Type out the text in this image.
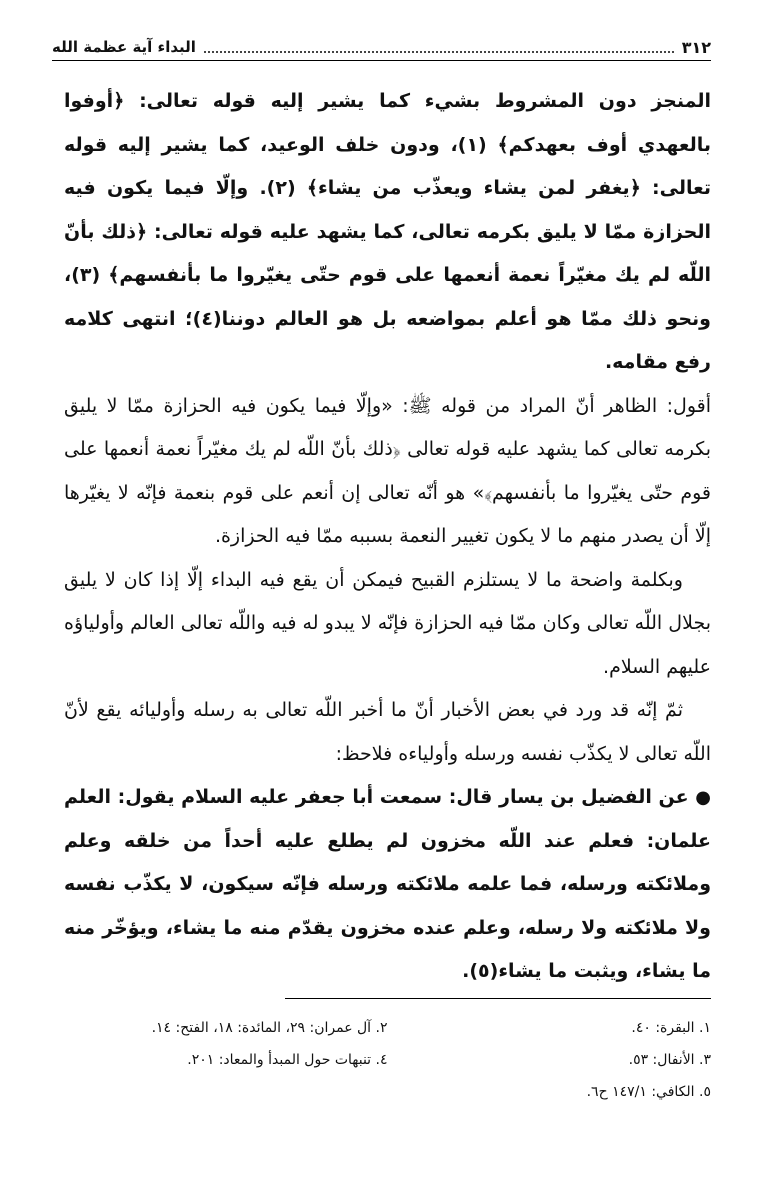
٣١٢
البداء آية عظمة الله

المنجز دون المشروط بشيء كما يشير إليه قوله تعالى: ﴿أوفوا بالعهدي أوف بعهدكم﴾ (١)، ودون خلف الوعيد، كما يشير إليه قوله تعالى: ﴿يغفر لمن يشاء ويعذّب من يشاء﴾ (٢). وإلّا فيما يكون فيه الحزازة ممّا لا يليق بكرمه تعالى، كما يشهد عليه قوله تعالى: ﴿ذلك بأنّ اللّه لم يك مغيّراً نعمة أنعمها على قوم حتّى يغيّروا ما بأنفسهم﴾ (٣)، ونحو ذلك ممّا هو أعلم بمواضعه بل هو العالم دوننا(٤)؛ انتهى كلامه رفع مقامه.

أقول: الظاهر أنّ المراد من قوله ﷺ: «وإلّا فيما يكون فيه الحزازة ممّا لا يليق بكرمه تعالى كما يشهد عليه قوله تعالى ﴿ذلك بأنّ اللّه لم يك مغيّراً نعمة أنعمها على قوم حتّى يغيّروا ما بأنفسهم﴾» هو أنّه تعالى إن أنعم على قوم بنعمة فإنّه لا يغيّرها إلّا أن يصدر منهم ما لا يكون تغيير النعمة بسببه ممّا فيه الحزازة.

وبكلمة واضحة ما لا يستلزم القبيح فيمكن أن يقع فيه البداء إلّا إذا كان لا يليق بجلال اللّه تعالى وكان ممّا فيه الحزازة فإنّه لا يبدو له فيه واللّه تعالى العالم وأولياؤه عليهم السلام.

ثمّ إنّه قد ورد في بعض الأخبار أنّ ما أخبر اللّه تعالى به رسله وأوليائه يقع لأنّ اللّه تعالى لا يكذّب نفسه ورسله وأولياءه فلاحظ:

● عن الفضيل بن يسار قال: سمعت أبا جعفر عليه السلام يقول: العلم علمان: فعلم عند اللّه مخزون لم يطلع عليه أحداً من خلقه وعلم وملائكته ورسله، فما علمه ملائكته ورسله فإنّه سيكون، لا يكذّب نفسه ولا ملائكته ولا رسله، وعلم عنده مخزون يقدّم منه ما يشاء، ويؤخّر منه ما يشاء، ويثبت ما يشاء(٥).

١. البقرة: ٤٠.
٢. آل عمران: ٢٩، المائدة: ١٨، الفتح: ١٤.
٣. الأنفال: ٥٣.
٤. تنبهات حول المبدأ والمعاد: ٢٠١.
٥. الكافي: ١٤٧/١ ح٦.
